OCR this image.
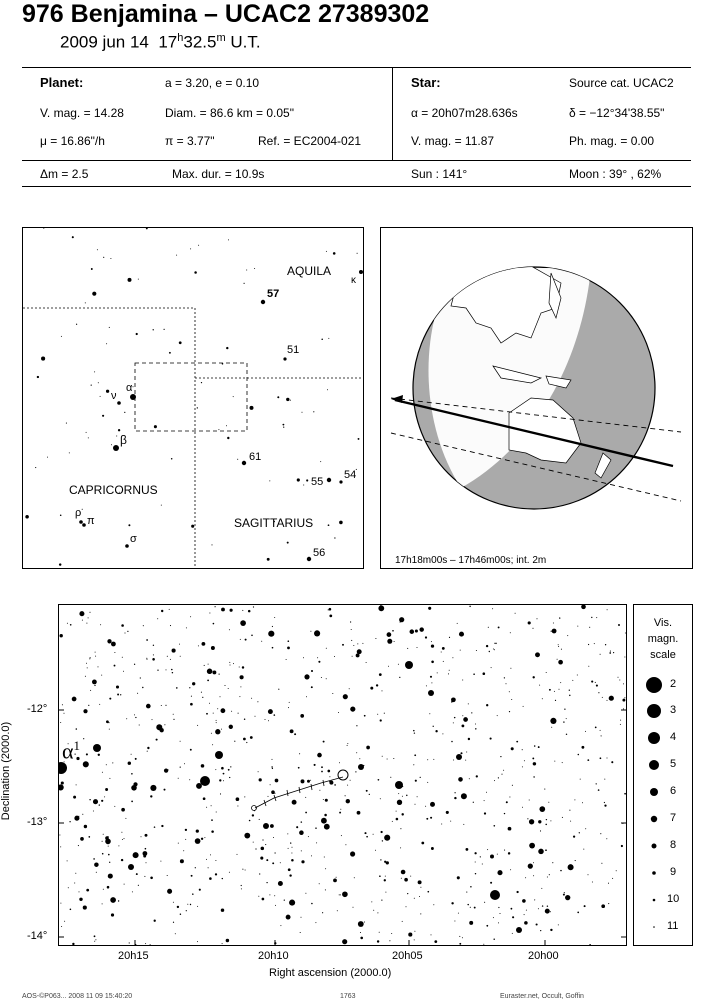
976 Benjamina – UCAC2 27389302
2009 jun 14 17$^h$32.5$^m$ U.T.
Planet:	a = 3.20, e = 0.10
V. mag. = 14.28	Diam. = 86.6 km = 0.05"
μ = 16.86"/h	π = 3.77"	Ref. = EC2004-021
Star:	Source cat. UCAC2
α = 20h07m28.636s	δ = −12°34'38.55"
V. mag. = 11.87	Ph. mag. = 0.00
Δm = 2.5	Max. dur. = 10.9s	Sun : 141°	Moon : 39° , 62%
AQUILA
CAPRICORNUS
SAGITTARIUS
57
51
61
55
54
56
α
ν
β
ρ
π
σ
κ
17h18m00s – 17h46m00s; int. 2m
$\alpha^1$
Declination (2000.0)
-12°
-13°
-14°
20h15	20h10	20h05	20h00
Right ascension (2000.0)
Vis.
magn.
scale
2
3
4
5
6
7
8
9
10
11
AOS-©P063... 2008 11 09 15:40:20	1763	Euraster.net, Occult, Goffin
